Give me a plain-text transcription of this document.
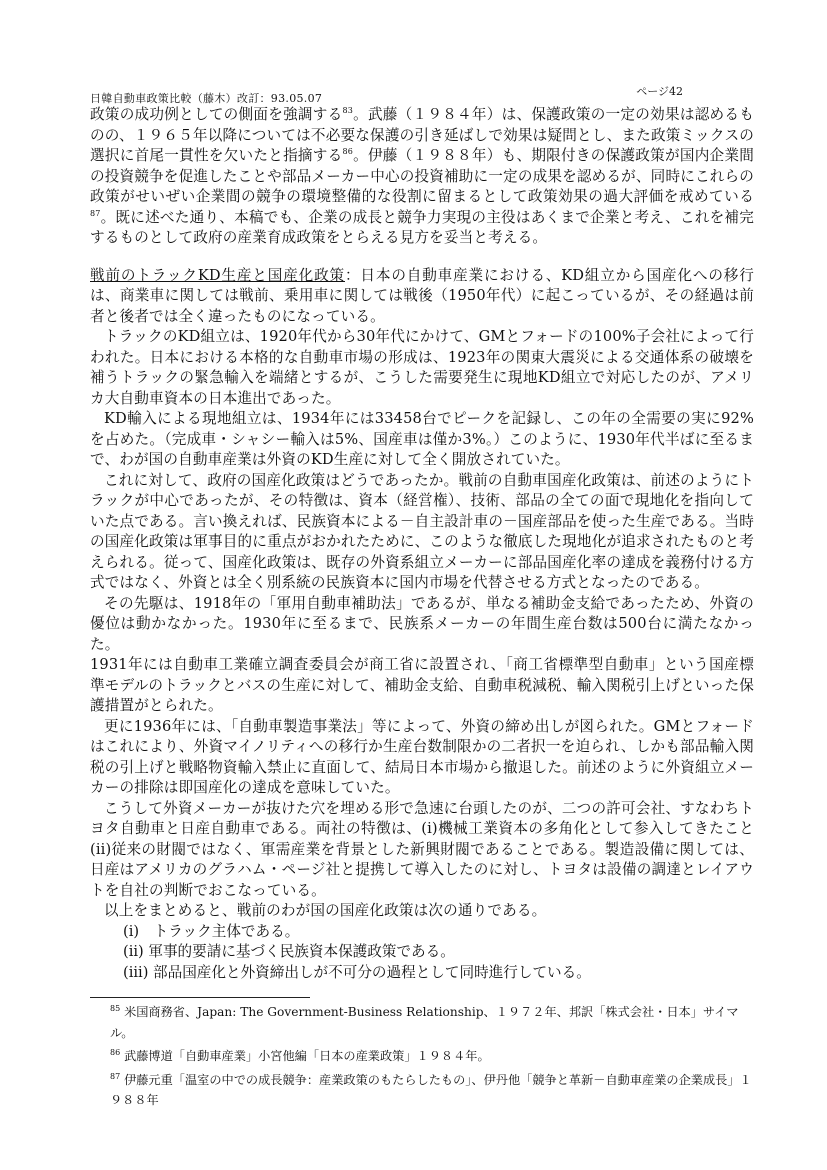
日韓自動車政策比較（藤木）改訂：93.05.07
ページ42

政策の成功例としての側面を強調する$^{83}$。武藤（１９８４年）は、保護政策の一定の効果は認めるものの、１９６５年以降については不必要な保護の引き延ばしで効果は疑問とし、また政策ミックスの選択に首尾一貫性を欠いたと指摘する$^{86}$。伊藤（１９８８年）も、期限付きの保護政策が国内企業間の投資競争を促進したことや部品メーカー中心の投資補助に一定の成果を認めるが、同時にこれらの政策がせいぜい企業間の競争の環境整備的な役割に留まるとして政策効果の過大評価を戒めている$^{87}$。既に述べた通り、本稿でも、企業の成長と競争力実現の主役はあくまで企業と考え、これを補完するものとして政府の産業育成政策をとらえる見方を妥当と考える。

戦前のトラックKD生産と国産化政策：日本の自動車産業における、KD組立から国産化への移行は、商業車に関しては戦前、乗用車に関しては戦後（1950年代）に起こっているが、その経過は前者と後者では全く違ったものになっている。

トラックのKD組立は、1920年代から30年代にかけて、GMとフォードの100%子会社によって行われた。日本における本格的な自動車市場の形成は、1923年の関東大震災による交通体系の破壊を補うトラックの緊急輸入を端緒とするが、こうした需要発生に現地KD組立で対応したのが、アメリカ大自動車資本の日本進出であった。

KD輸入による現地組立は、1934年には33458台でピークを記録し、この年の全需要の実に92%を占めた。（完成車・シャシー輸入は5%、国産車は僅か3%。）このように、1930年代半ばに至るまで、わが国の自動車産業は外資のKD生産に対して全く開放されていた。

これに対して、政府の国産化政策はどうであったか。戦前の自動車国産化政策は、前述のようにトラックが中心であったが、その特徴は、資本（経営権）、技術、部品の全ての面で現地化を指向していた点である。言い換えれば、民族資本による－自主設計車の－国産部品を使った生産である。当時の国産化政策は軍事目的に重点がおかれたために、このような徹底した現地化が追求されたものと考えられる。従って、国産化政策は、既存の外資系組立メーカーに部品国産化率の達成を義務付ける方式ではなく、外資とは全く別系統の民族資本に国内市場を代替させる方式となったのである。

その先駆は、1918年の「軍用自動車補助法」であるが、単なる補助金支給であったため、外資の優位は動かなかった。1930年に至るまで、民族系メーカーの年間生産台数は500台に満たなかった。

1931年には自動車工業確立調査委員会が商工省に設置され、「商工省標準型自動車」という国産標準モデルのトラックとバスの生産に対して、補助金支給、自動車税減税、輸入関税引上げといった保護措置がとられた。

更に1936年には、「自動車製造事業法」等によって、外資の締め出しが図られた。GMとフォードはこれにより、外資マイノリティへの移行か生産台数制限かの二者択一を迫られ、しかも部品輸入関税の引上げと戦略物資輸入禁止に直面して、結局日本市場から撤退した。前述のように外資組立メーカーの排除は即国産化の達成を意味していた。

こうして外資メーカーが抜けた穴を埋める形で急速に台頭したのが、二つの許可会社、すなわちトヨタ自動車と日産自動車である。両社の特徴は、(i)機械工業資本の多角化として参入してきたこと　(ii)従来の財閥ではなく、軍需産業を背景とした新興財閥であることである。製造設備に関しては、日産はアメリカのグラハム・ページ社と提携して導入したのに対し、トヨタは設備の調達とレイアウトを自社の判断でおこなっている。

以上をまとめると、戦前のわが国の国産化政策は次の通りである。

(i)　トラック主体である。

(ii) 軍事的要請に基づく民族資本保護政策である。

(iii) 部品国産化と外資締出しが不可分の過程として同時進行している。

$^{85}$ 米国商務省、Japan: The Government-Business Relationship、１９７２年、邦訳「株式会社・日本」サイマル。

$^{86}$ 武藤博道「自動車産業」小宮他編「日本の産業政策」１９８４年。

$^{87}$ 伊藤元重「温室の中での成長競争：産業政策のもたらしたもの」、伊丹他「競争と革新－自動車産業の企業成長」１９８８年
